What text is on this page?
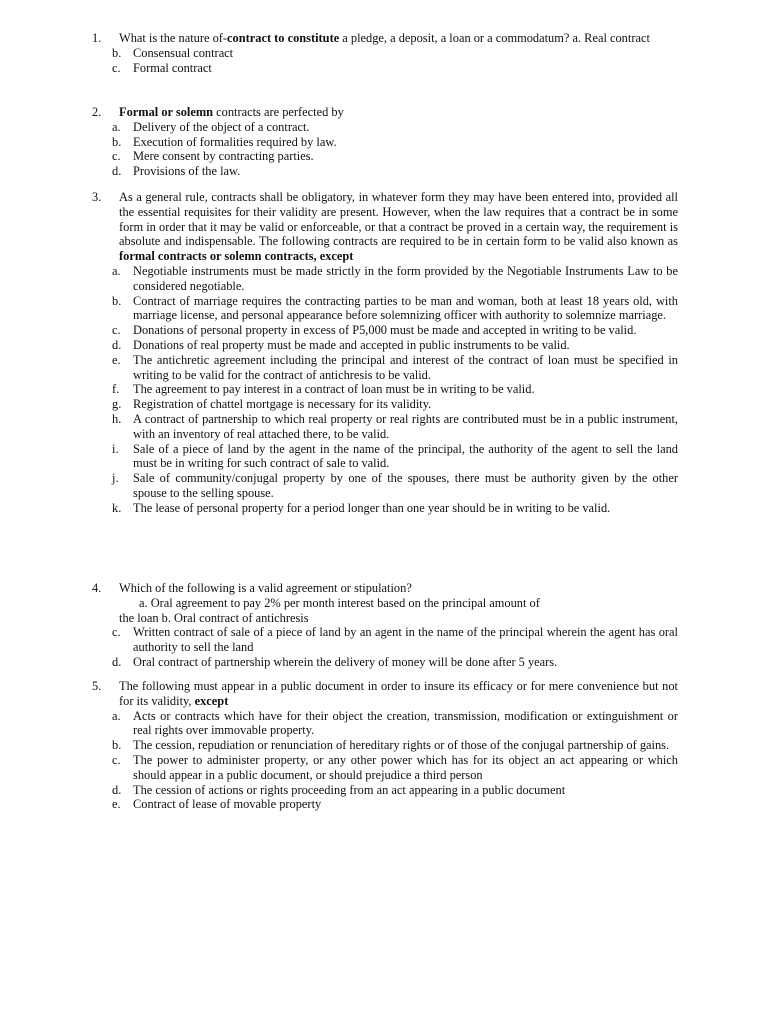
1.	What is the nature of-contract to constitute a pledge, a deposit, a loan or a commodatum? a. Real contract
b. Consensual contract
c. Formal contract
2.	Formal or solemn contracts are perfected by
a. Delivery of the object of a contract.
b. Execution of formalities required by law.
c. Mere consent by contracting parties.
d. Provisions of the law.
3.	As a general rule, contracts shall be obligatory, in whatever form they may have been entered into, provided all the essential requisites for their validity are present. However, when the law requires that a contract be in some form in order that it may be valid or enforceable, or that a contract be proved in a certain way, the requirement is absolute and indispensable. The following contracts are required to be in certain form to be valid also known as formal contracts or solemn contracts, except
a. Negotiable instruments must be made strictly in the form provided by the Negotiable Instruments Law to be considered negotiable.
b. Contract of marriage requires the contracting parties to be man and woman, both at least 18 years old, with marriage license, and personal appearance before solemnizing officer with authority to solemnize marriage.
c. Donations of personal property in excess of P5,000 must be made and accepted in writing to be valid.
d. Donations of real property must be made and accepted in public instruments to be valid.
e. The antichretic agreement including the principal and interest of the contract of loan must be specified in writing to be valid for the contract of antichresis to be valid.
f. The agreement to pay interest in a contract of loan must be in writing to be valid.
g. Registration of chattel mortgage is necessary for its validity.
h. A contract of partnership to which real property or real rights are contributed must be in a public instrument, with an inventory of real attached there, to be valid.
i. Sale of a piece of land by the agent in the name of the principal, the authority of the agent to sell the land must be in writing for such contract of sale to valid.
j. Sale of community/conjugal property by one of the spouses, there must be authority given by the other spouse to the selling spouse.
k. The lease of personal property for a period longer than one year should be in writing to be valid.
4.	Which of the following is a valid agreement or stipulation?
a. Oral agreement to pay 2% per month interest based on the principal amount of
the loan b. Oral contract of antichresis
c. Written contract of sale of a piece of land by an agent in the name of the principal wherein the agent has oral authority to sell the land
d. Oral contract of partnership wherein the delivery of money will be done after 5 years.
5.	The following must appear in a public document in order to insure its efficacy or for mere convenience but not for its validity, except
a. Acts or contracts which have for their object the creation, transmission, modification or extinguishment or real rights over immovable property.
b. The cession, repudiation or renunciation of hereditary rights or of those of the conjugal partnership of gains.
c. The power to administer property, or any other power which has for its object an act appearing or which should appear in a public document, or should prejudice a third person
d. The cession of actions or rights proceeding from an act appearing in a public document
e. Contract of lease of movable property
